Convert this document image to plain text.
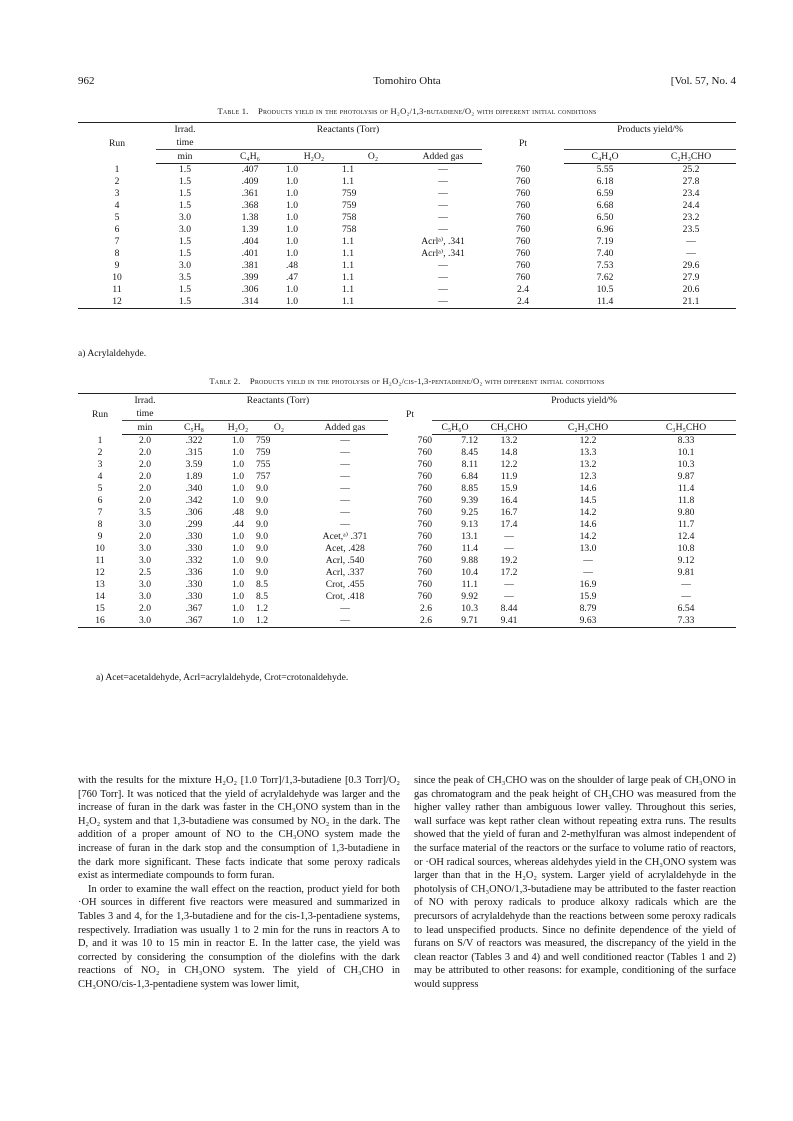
962	Tomohiro Ohta	[Vol. 57, No. 4
Table 1. Products yield in the photolysis of H₂O₂/1,3-butadiene/O₂ with different initial conditions
Run	Irrad.	Reactants (Torr)				Pt	Products yield/%	
	time							
	min	C₄H₆	H₂O₂	O₂	Added gas		C₄H₄O	C₂H₃CHO
1	1.5	.407	1.0	1.1	—	760	5.55	25.2
2	1.5	.409	1.0	1.1	—	760	6.18	27.8
3	1.5	.361	1.0	759	—	760	6.59	23.4
4	1.5	.368	1.0	759	—	760	6.68	24.4
5	3.0	1.38	1.0	758	—	760	6.50	23.2
6	3.0	1.39	1.0	758	—	760	6.96	23.5
7	1.5	.404	1.0	1.1	Acrlᵃ⁾, .341	760	7.19	—
8	1.5	.401	1.0	1.1	Acrlᵃ⁾, .341	760	7.40	—
9	3.0	.381	.48	1.1	—	760	7.53	29.6
10	3.5	.399	.47	1.1	—	760	7.62	27.9
11	1.5	.306	1.0	1.1	—	2.4	10.5	20.6
12	1.5	.314	1.0	1.1	—	2.4	11.4	21.1
a) Acrylaldehyde.
Table 2. Products yield in the photolysis of H₂O₂/cis-1,3-pentadiene/O₂ with different initial conditions
Run	Irrad.	Reactants (Torr)				Pt	Products yield/%			
	time									
	min	C₅H₈	H₂O₂	O₂	Added gas		C₅H₆O	CH₃CHO	C₂H₃CHO	C₃H₅CHO
1	2.0	.322	1.0	759	—	760	7.12	13.2	12.2	8.33
2	2.0	.315	1.0	759	—	760	8.45	14.8	13.3	10.1
3	2.0	3.59	1.0	755	—	760	8.11	12.2	13.2	10.3
4	2.0	1.89	1.0	757	—	760	6.84	11.9	12.3	9.87
5	2.0	.340	1.0	9.0	—	760	8.85	15.9	14.6	11.4
6	2.0	.342	1.0	9.0	—	760	9.39	16.4	14.5	11.8
7	3.5	.306	.48	9.0	—	760	9.25	16.7	14.2	9.80
8	3.0	.299	.44	9.0	—	760	9.13	17.4	14.6	11.7
9	2.0	.330	1.0	9.0	Acet,ᵃ⁾ .371	760	13.1	—	14.2	12.4
10	3.0	.330	1.0	9.0	Acet, .428	760	11.4	—	13.0	10.8
11	3.0	.332	1.0	9.0	Acrl, .540	760	9.88	19.2	—	9.12
12	2.5	.336	1.0	9.0	Acrl, .337	760	10.4	17.2	—	9.81
13	3.0	.330	1.0	8.5	Crot, .455	760	11.1	—	16.9	—
14	3.0	.330	1.0	8.5	Crot, .418	760	9.92	—	15.9	—
15	2.0	.367	1.0	1.2	—	2.6	10.3	8.44	8.79	6.54
16	3.0	.367	1.0	1.2	—	2.6	9.71	9.41	9.63	7.33
a) Acet=acetaldehyde, Acrl=acrylaldehyde, Crot=crotonaldehyde.

with the results for the mixture H₂O₂ [1.0 Torr]/1,3-butadiene [0.3 Torr]/O₂ [760 Torr]. It was noticed that the yield of acrylaldehyde was larger and the increase of furan in the dark was faster in the CH₃ONO system than in the H₂O₂ system and that 1,3-butadiene was consumed by NO₂ in the dark. The addition of a proper amount of NO to the CH₃ONO system made the increase of furan in the dark stop and the consumption of 1,3-butadiene in the dark more significant. These facts indicate that some peroxy radicals exist as intermediate compounds to form furan.

In order to examine the wall effect on the reaction, product yield for both ·OH sources in different five reactors were measured and summarized in Tables 3 and 4, for the 1,3-butadiene and for the cis-1,3-pentadiene systems, respectively. Irradiation was usually 1 to 2 min for the runs in reactors A to D, and it was 10 to 15 min in reactor E. In the latter case, the yield was corrected by considering the consumption of the diolefins with the dark reactions of NO₂ in CH₃ONO system. The yield of CH₃CHO in CH₃ONO/cis-1,3-pentadiene system was lower limit,

since the peak of CH₃CHO was on the shoulder of large peak of CH₃ONO in gas chromatogram and the peak height of CH₃CHO was measured from the higher valley rather than ambiguous lower valley. Throughout this series, wall surface was kept rather clean without repeating extra runs. The results showed that the yield of furan and 2-methylfuran was almost independent of the surface material of the reactors or the surface to volume ratio of reactors, or ·OH radical sources, whereas aldehydes yield in the CH₃ONO system was larger than that in the H₂O₂ system. Larger yield of acrylaldehyde in the photolysis of CH₃ONO/1,3-butadiene may be attributed to the faster reaction of NO with peroxy radicals to produce alkoxy radicals which are the precursors of acrylaldehyde than the reactions between some peroxy radicals to lead unspecified products. Since no definite dependence of the yield of furans on S/V of reactors was measured, the discrepancy of the yield in the clean reactor (Tables 3 and 4) and well conditioned reactor (Tables 1 and 2) may be attributed to other reasons: for example, conditioning of the surface would suppress
